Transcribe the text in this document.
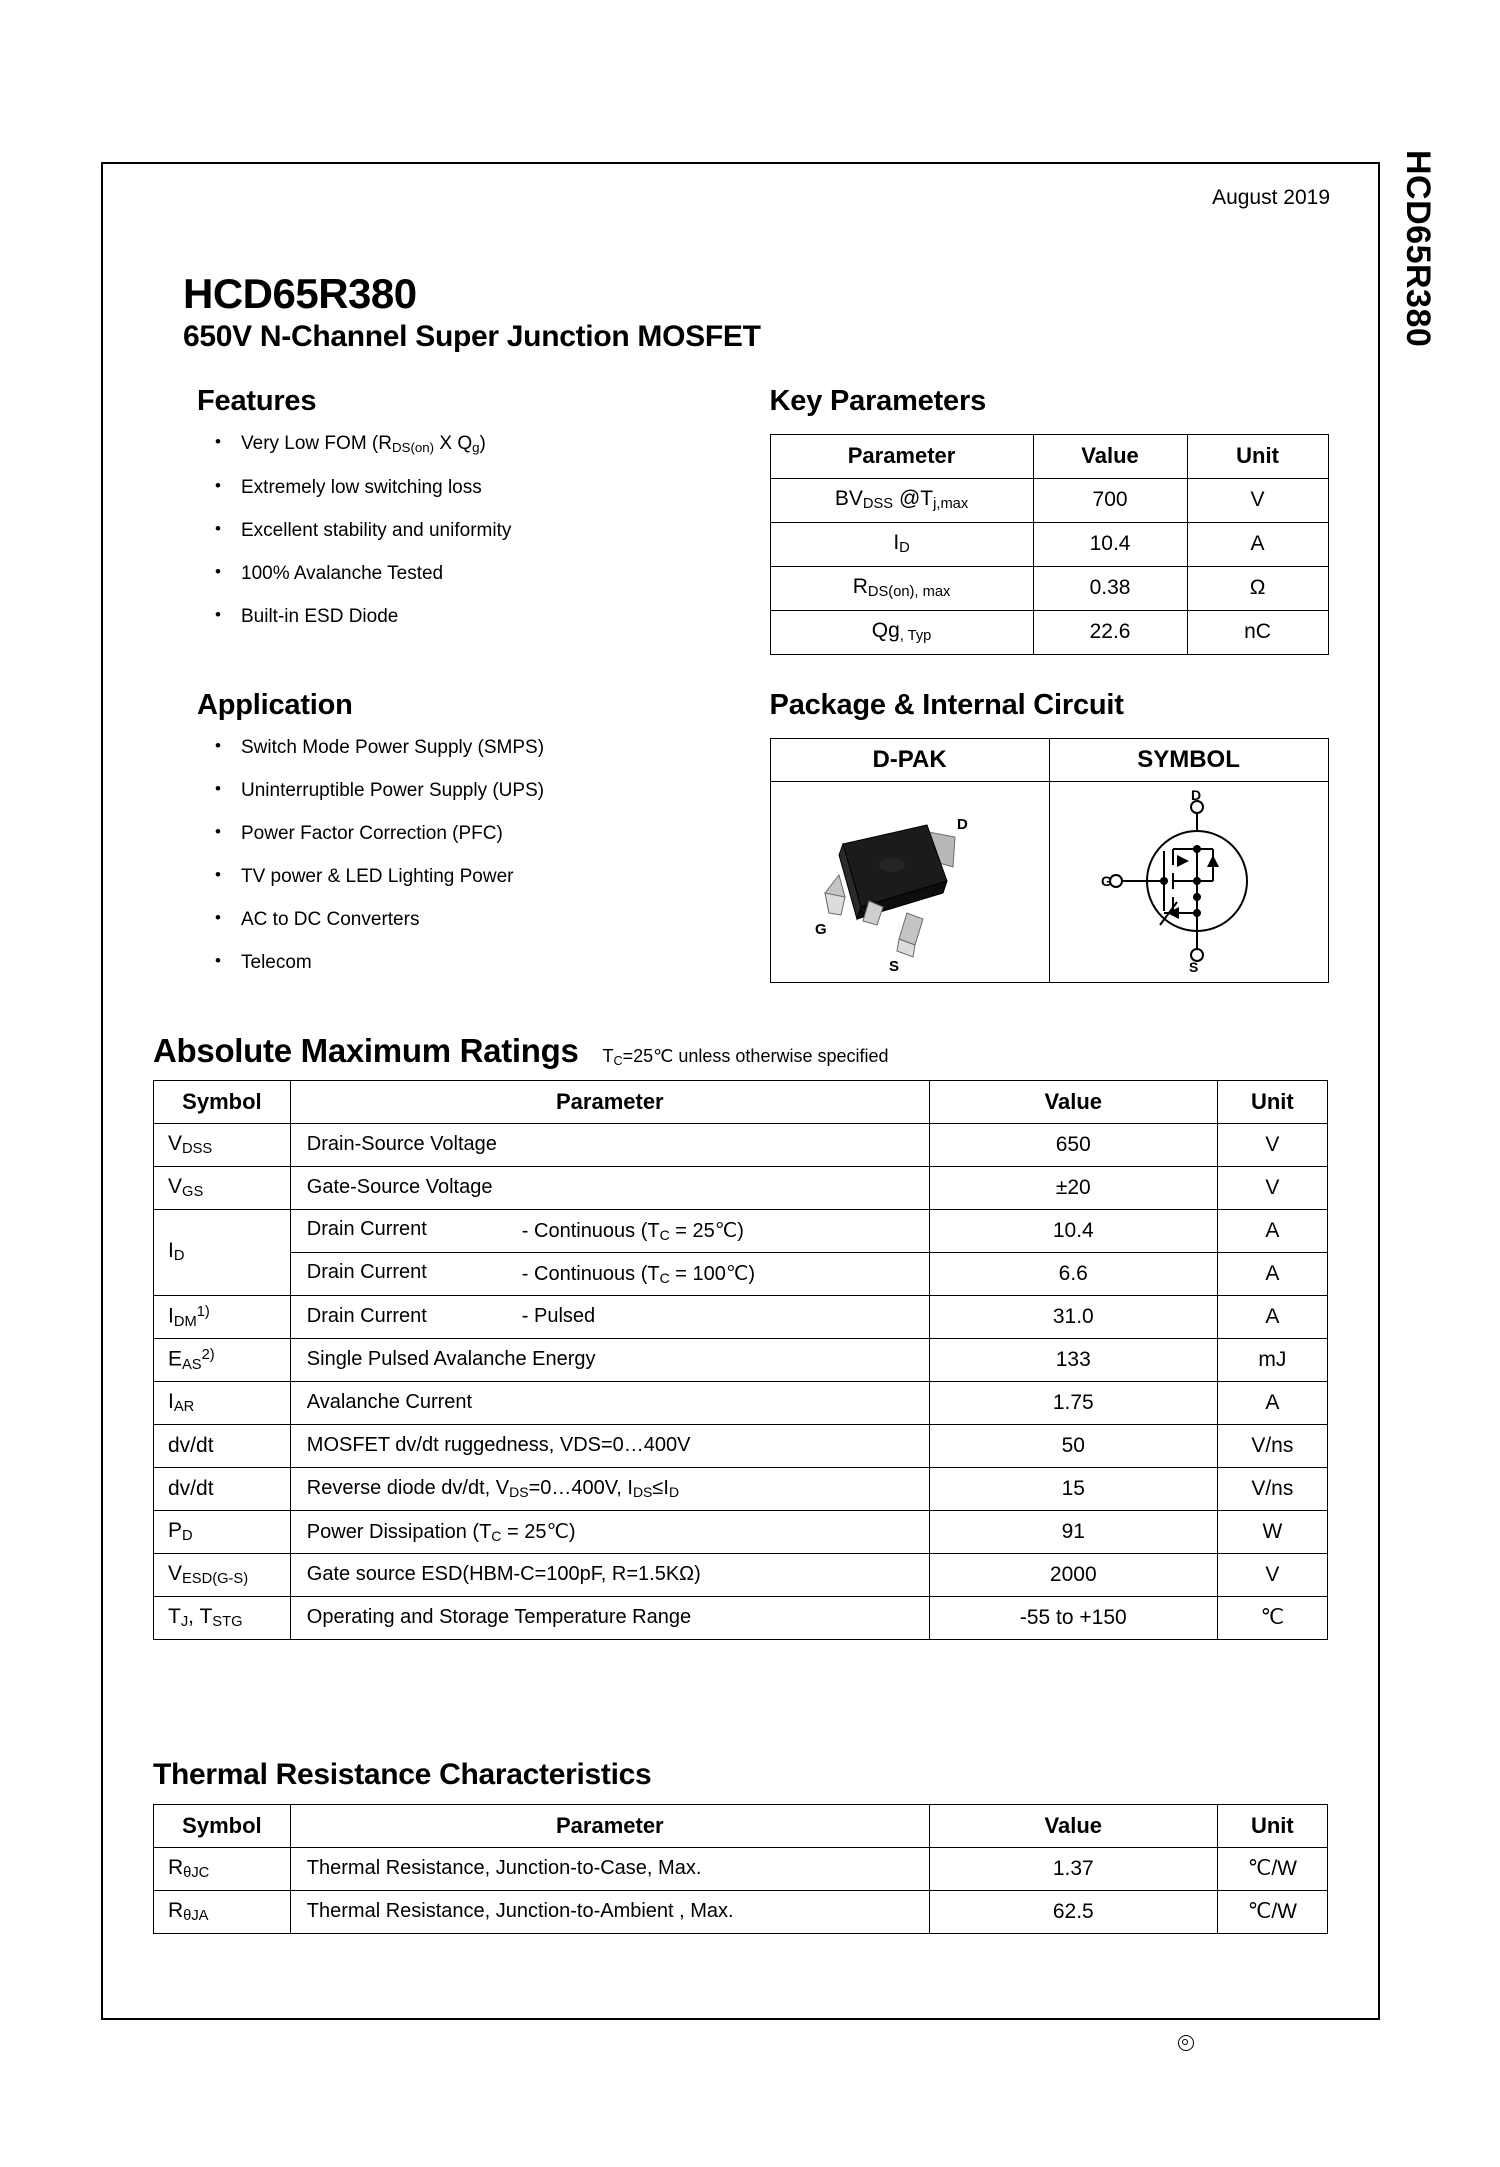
HCD65R380
August 2019
HCD65R380
650V N-Channel Super Junction MOSFET
Features
• Very Low FOM ($R_{DS(on)}$ X $Q_g$)
• Extremely low switching loss
• Excellent stability and uniformity
• 100% Avalanche Tested
• Built-in ESD Diode
Key Parameters
Parameter	Value	Unit
$BV_{DSS}$ $@T_{j,max}$	700	V
$I_D$	10.4	A
$R_{DS(on), max}$	0.38	Ω
$Qg_{, Typ}$	22.6	nC
Application
• Switch Mode Power Supply (SMPS)
• Uninterruptible Power Supply (UPS)
• Power Factor Correction (PFC)
• TV power & LED Lighting Power
• AC to DC Converters
• Telecom
Package & Internal Circuit
D-PAK	SYMBOL

D
G
S	D
S
G
Absolute Maximum Ratings $T_C=25℃$ unless otherwise specified
Symbol	Parameter	Value	Unit
$V_{DSS}$	Drain-Source Voltage	650	V
$V_{GS}$	Gate-Source Voltage	±20	V
$I_D$	Drain Current - Continuous ($T_C$ = 25℃)	10.4	A

	Drain Current - Continuous ($T_C$ = 100℃)	6.6	A
$I_{DM}^{1)}$	Drain Current - Pulsed	31.0	A
$E_{AS}^{2)}$	Single Pulsed Avalanche Energy	133	mJ
$I_{AR}$	Avalanche Current	1.75	A
dv/dt	MOSFET dv/dt ruggedness, VDS=0…400V	50	V/ns
dv/dt	Reverse diode dv/dt, $V_{DS}=0\dots 400V$, $I_{DS}\le I_D$	15	V/ns
$P_D$	Power Dissipation ($T_C$ = 25℃)	91	W
$V_{ESD(G-S)}$	Gate source ESD(HBM-C=100pF, R=1.5KΩ)	2000	V
$T_J$, $T_{STG}$	Operating and Storage Temperature Range	-55 to +150	℃
Thermal Resistance Characteristics
Symbol	Parameter	Value	Unit
$R_{\theta JC}$	Thermal Resistance, Junction-to-Case, Max.	1.37	℃/W
$R_{\theta JA}$	Thermal Resistance, Junction-to-Ambient , Max.	62.5	℃/W
